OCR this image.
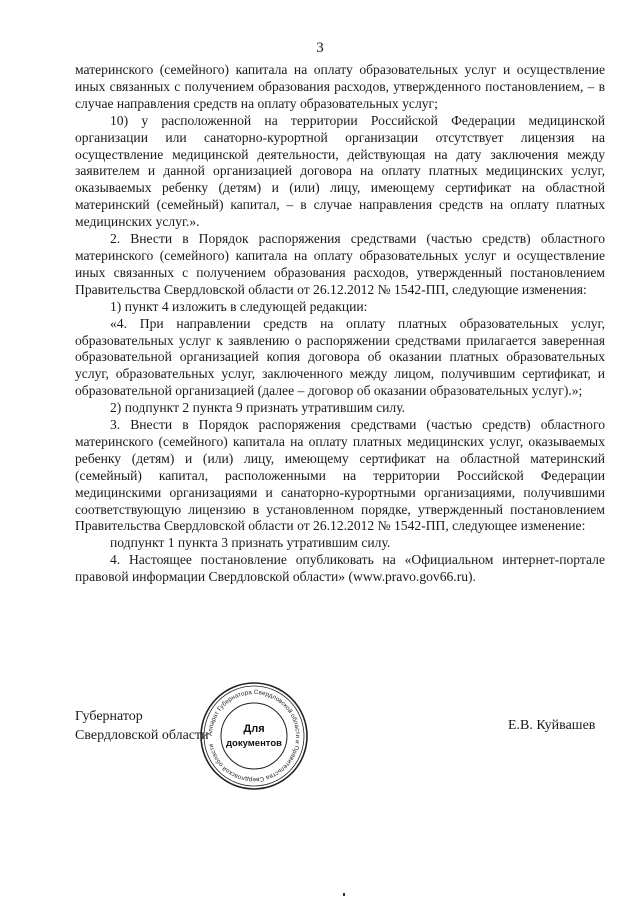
3

материнского (семейного) капитала на оплату образовательных услуг и осуществление иных связанных с получением образования расходов, утвержденного постановлением, – в случае направления средств на оплату образовательных услуг;

10) у расположенной на территории Российской Федерации медицинской организации или санаторно-курортной организации отсутствует лицензия на осуществление медицинской деятельности, действующая на дату заключения между заявителем и данной организацией договора на оплату платных медицинских услуг, оказываемых ребенку (детям) и (или) лицу, имеющему сертификат на областной материнский (семейный) капитал, – в случае направления средств на оплату платных медицинских услуг.».

2. Внести в Порядок распоряжения средствами (частью средств) областного материнского (семейного) капитала на оплату образовательных услуг и осуществление иных связанных с получением образования расходов, утвержденный постановлением Правительства Свердловской области от 26.12.2012 № 1542-ПП, следующие изменения:

1) пункт 4 изложить в следующей редакции:

«4. При направлении средств на оплату платных образовательных услуг, образовательных услуг к заявлению о распоряжении средствами прилагается заверенная образовательной организацией копия договора об оказании платных образовательных услуг, образовательных услуг, заключенного между лицом, получившим сертификат, и образовательной организацией (далее – договор об оказании образовательных услуг).»;

2) подпункт 2 пункта 9 признать утратившим силу.

3. Внести в Порядок распоряжения средствами (частью средств) областного материнского (семейного) капитала на оплату платных медицинских услуг, оказываемых ребенку (детям) и (или) лицу, имеющему сертификат на областной материнский (семейный) капитал, расположенными на территории Российской Федерации медицинскими организациями и санаторно-курортными организациями, получившими соответствующую лицензию в установленном порядке, утвержденный постановлением Правительства Свердловской области от 26.12.2012 № 1542-ПП, следующее изменение:

подпункт 1 пункта 3 признать утратившим силу.

4. Настоящее постановление опубликовать на «Официальном интернет-портале правовой информации Свердловской области» (www.pravo.gov66.ru).

Губернатор
Свердловской области
Аппарат Губернатора Свердловской области и Правительства Свердловской области
Для
документов
Е.В. Куйвашев
